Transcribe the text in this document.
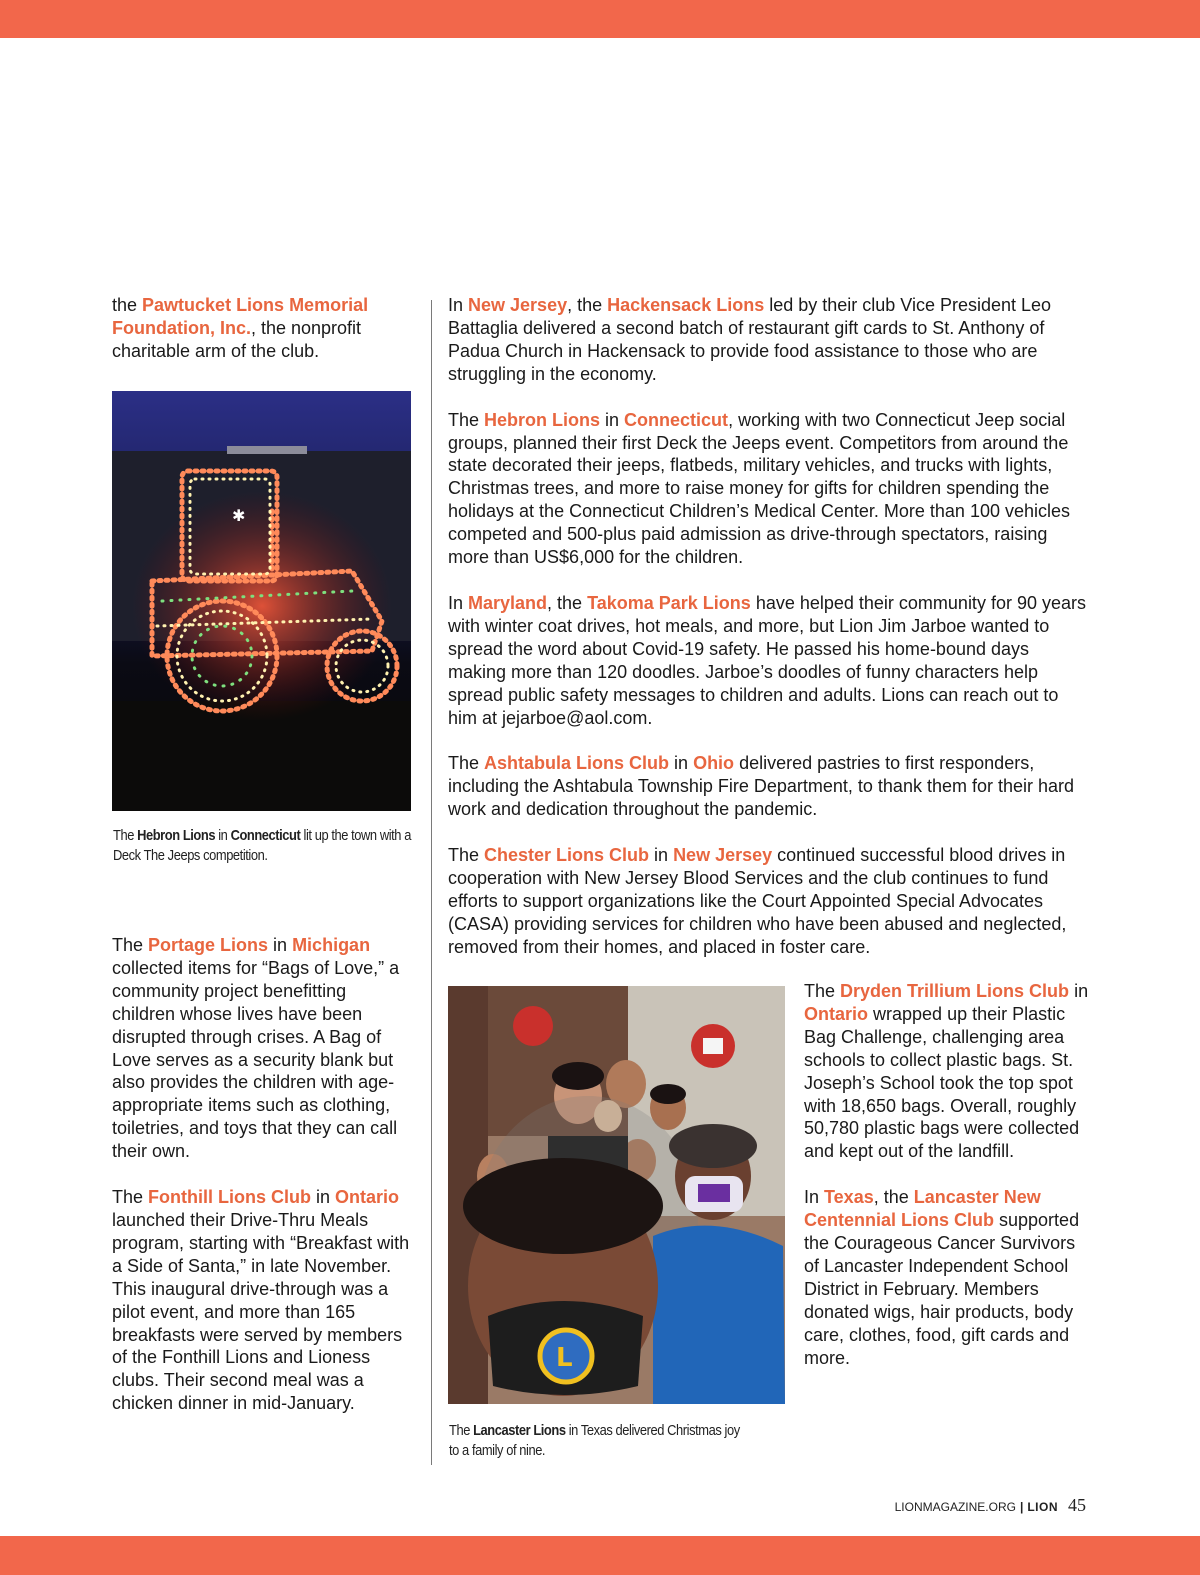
the Pawtucket Lions Memorial Foundation, Inc., the nonprofit charitable arm of the club.

✱
The Hebron Lions in Connecticut lit up the town with a Deck The Jeeps competition.

The Portage Lions in Michigan collected items for “Bags of Love,” a community project benefitting children whose lives have been disrupted through crises. A Bag of Love serves as a security blank but also provides the children with age-appropriate items such as clothing, toiletries, and toys that they can call their own.

The Fonthill Lions Club in Ontario launched their Drive-Thru Meals program, starting with “Breakfast with a Side of Santa,” in late November. This inaugural drive-through was a pilot event, and more than 165 breakfasts were served by members of the Fonthill Lions and Lioness clubs. Their second meal was a chicken dinner in mid-January.

In New Jersey, the Hackensack Lions led by their club Vice President Leo Battaglia delivered a second batch of restaurant gift cards to St. Anthony of Padua Church in Hackensack to provide food assistance to those who are struggling in the economy.

The Hebron Lions in Connecticut, working with two Connecticut Jeep social groups, planned their first Deck the Jeeps event. Competitors from around the state decorated their jeeps, flatbeds, military vehicles, and trucks with lights, Christmas trees, and more to raise money for gifts for children spending the holidays at the Connecticut Children’s Medical Center. More than 100 vehicles competed and 500-plus paid admission as drive-through spectators, raising more than US$6,000 for the children.

In Maryland, the Takoma Park Lions have helped their community for 90 years with winter coat drives, hot meals, and more, but Lion Jim Jarboe wanted to spread the word about Covid-19 safety. He passed his home-bound days making more than 120 doodles. Jarboe’s doodles of funny characters help spread public safety messages to children and adults. Lions can reach out to him at jejarboe@aol.com.

The Ashtabula Lions Club in Ohio delivered pastries to first responders, including the Ashtabula Township Fire Department, to thank them for their hard work and dedication throughout the pandemic.

The Chester Lions Club in New Jersey continued successful blood drives in cooperation with New Jersey Blood Services and the club continues to fund efforts to support organizations like the Court Appointed Special Advocates (CASA) providing services for children who have been abused and neglected, removed from their homes, and placed in foster care.

L
The Lancaster Lions in Texas delivered Christmas joy to a family of nine.

The Dryden Trillium Lions Club in Ontario wrapped up their Plastic Bag Challenge, challenging area schools to collect plastic bags. St. Joseph’s School took the top spot with 18,650 bags. Overall, roughly 50,780 plastic bags were collected and kept out of the landfill.

In Texas, the Lancaster New Centennial Lions Club supported the Courageous Cancer Survivors of Lancaster Independent School District in February. Members donated wigs, hair products, body care, clothes, food, gift cards and more.

LIONMAGAZINE.ORG | LION 45
